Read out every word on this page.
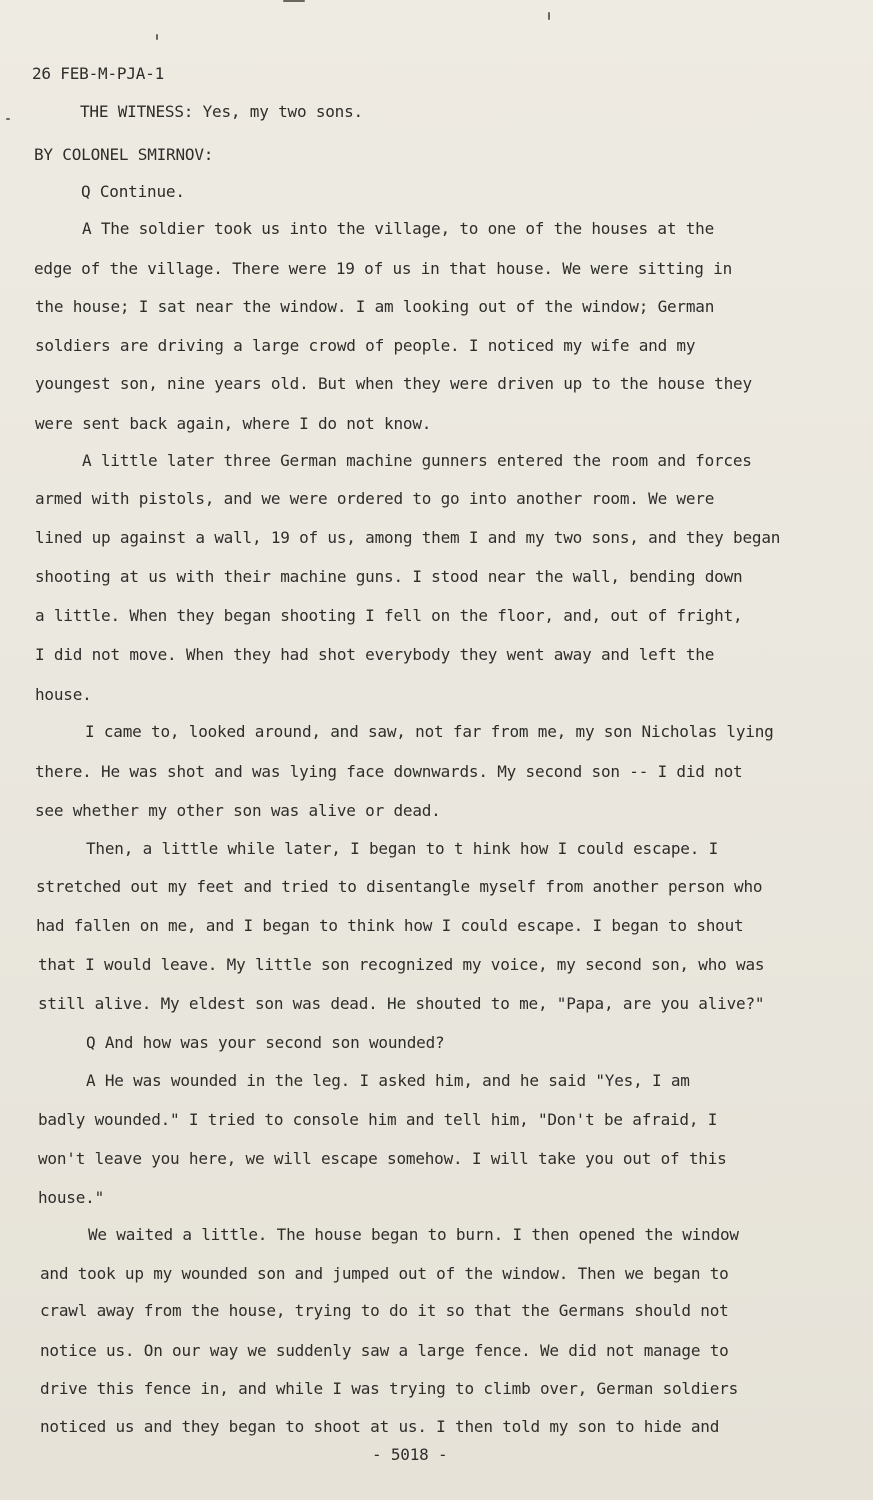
26 FEB-M-PJA-1
THE WITNESS: Yes, my two sons.
BY COLONEL SMIRNOV:
Q Continue.
A The soldier took us into the village, to one of the houses at the
edge of the village. There were 19 of us in that house. We were sitting in
the house; I sat near the window. I am looking out of the window; German
soldiers are driving a large crowd of people. I noticed my wife and my
youngest son, nine years old. But when they were driven up to the house they
were sent back again, where I do not know.
A little later three German machine gunners entered the room and forces
armed with pistols, and we were ordered to go into another room. We were
lined up against a wall, 19 of us, among them I and my two sons, and they began
shooting at us with their machine guns. I stood near the wall, bending down
a little. When they began shooting I fell on the floor, and, out of fright,
I did not move. When they had shot everybody they went away and left the
house.
I came to, looked around, and saw, not far from me, my son Nicholas lying
there. He was shot and was lying face downwards. My second son -- I did not
see whether my other son was alive or dead.
Then, a little while later, I began to t hink how I could escape. I
stretched out my feet and tried to disentangle myself from another person who
had fallen on me, and I began to think how I could escape. I began to shout
that I would leave. My little son recognized my voice, my second son, who was
still alive. My eldest son was dead. He shouted to me, "Papa, are you alive?"
Q And how was your second son wounded?
A He was wounded in the leg. I asked him, and he said "Yes, I am
badly wounded." I tried to console him and tell him, "Don't be afraid, I
won't leave you here, we will escape somehow. I will take you out of this
house."
We waited a little. The house began to burn. I then opened the window
and took up my wounded son and jumped out of the window. Then we began to
crawl away from the house, trying to do it so that the Germans should not
notice us. On our way we suddenly saw a large fence. We did not manage to
drive this fence in, and while I was trying to climb over, German soldiers
noticed us and they began to shoot at us. I then told my son to hide and
- 5018 -
